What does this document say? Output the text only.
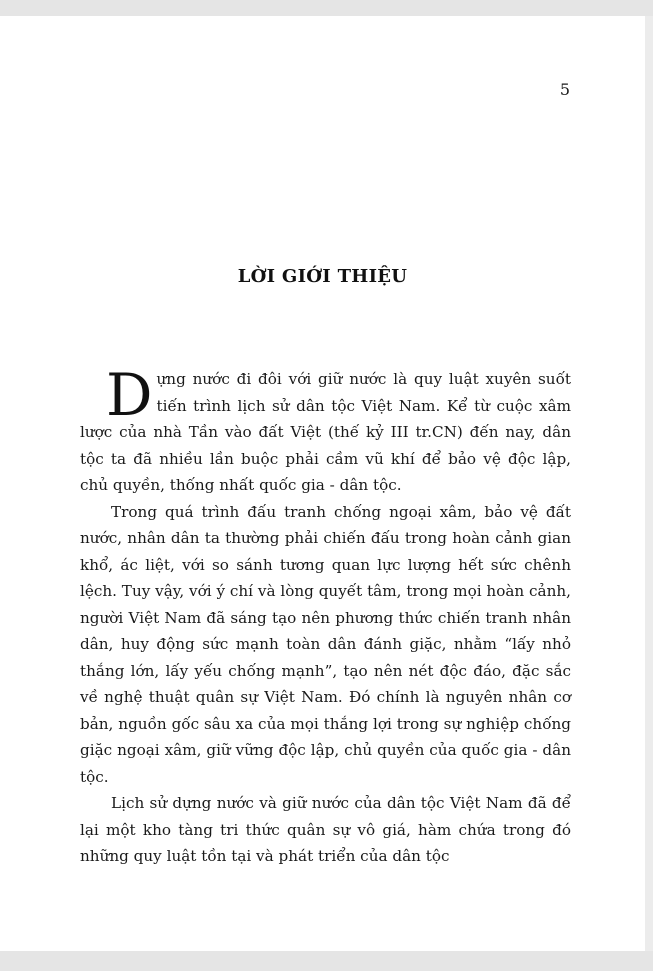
5
LỜI GIỚI THIỆU

Dựng nước đi đôi với giữ nước là quy luật xuyên suốt tiến trình lịch sử dân tộc Việt Nam. Kể từ cuộc xâm lược của nhà Tần vào đất Việt (thế kỷ III tr.CN) đến nay, dân tộc ta đã nhiều lần buộc phải cầm vũ khí để bảo vệ độc lập, chủ quyền, thống nhất quốc gia - dân tộc.

Trong quá trình đấu tranh chống ngoại xâm, bảo vệ đất nước, nhân dân ta thường phải chiến đấu trong hoàn cảnh gian khổ, ác liệt, với so sánh tương quan lực lượng hết sức chênh lệch. Tuy vậy, với ý chí và lòng quyết tâm, trong mọi hoàn cảnh, người Việt Nam đã sáng tạo nên phương thức chiến tranh nhân dân, huy động sức mạnh toàn dân đánh giặc, nhằm “lấy nhỏ thắng lớn, lấy yếu chống mạnh”, tạo nên nét độc đáo, đặc sắc về nghệ thuật quân sự Việt Nam. Đó chính là nguyên nhân cơ bản, nguồn gốc sâu xa của mọi thắng lợi trong sự nghiệp chống giặc ngoại xâm, giữ vững độc lập, chủ quyền của quốc gia - dân tộc.

Lịch sử dựng nước và giữ nước của dân tộc Việt Nam đã để lại một kho tàng tri thức quân sự vô giá, hàm chứa trong đó những quy luật tồn tại và phát triển của dân tộc
